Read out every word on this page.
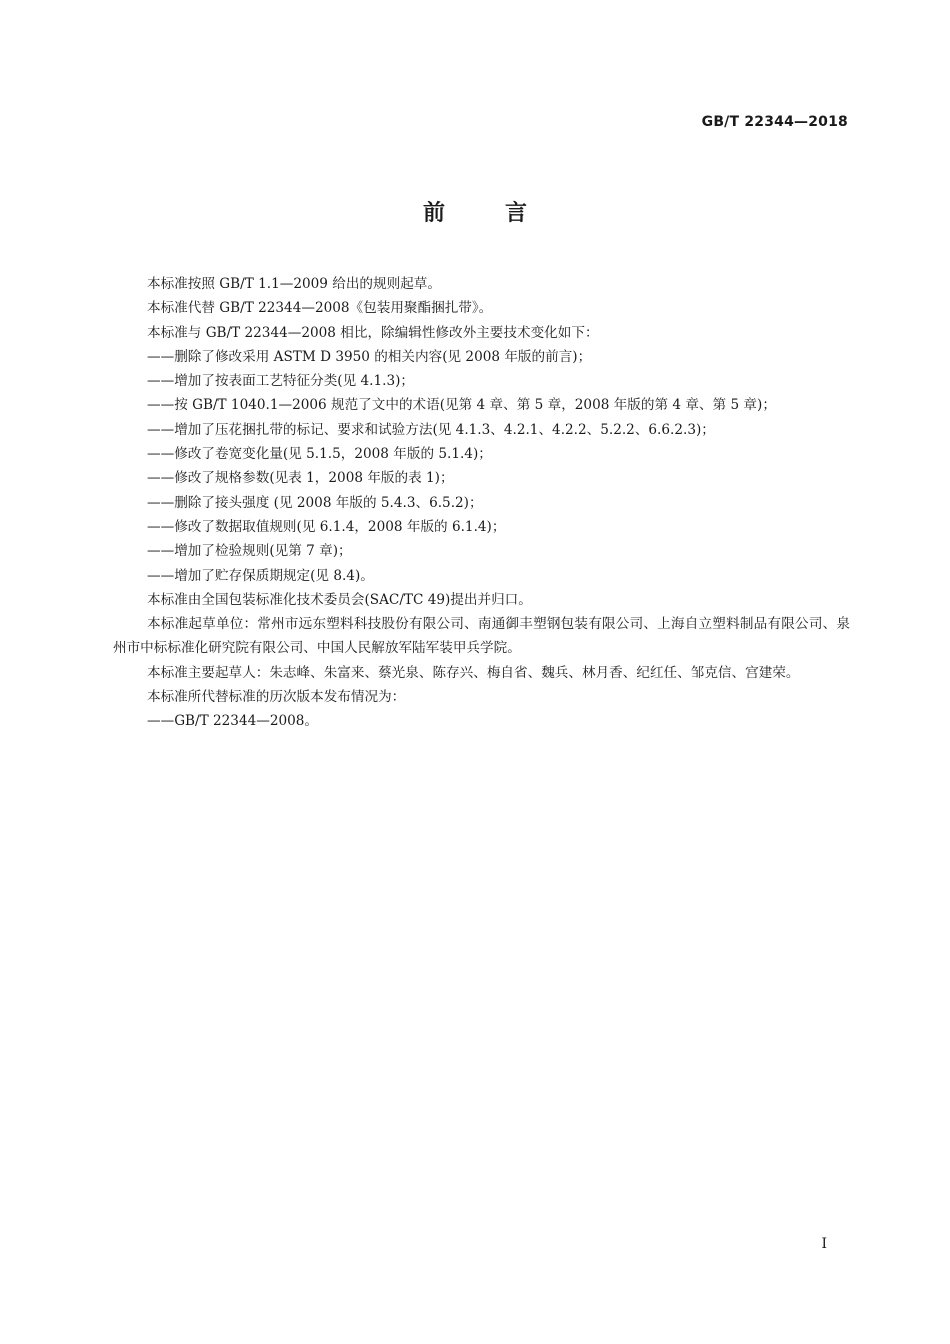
GB/T 22344—2018
前言

本标准按照 GB/T 1.1—2009 给出的规则起草。

本标准代替 GB/T 22344—2008《包装用聚酯捆扎带》。

本标准与 GB/T 22344—2008 相比，除编辑性修改外主要技术变化如下：

——删除了修改采用 ASTM D 3950 的相关内容(见 2008 年版的前言)；

——增加了按表面工艺特征分类(见 4.1.3)；

——按 GB/T 1040.1—2006 规范了文中的术语(见第 4 章、第 5 章，2008 年版的第 4 章、第 5 章)；

——增加了压花捆扎带的标记、要求和试验方法(见 4.1.3、4.2.1、4.2.2、5.2.2、6.6.2.3)；

——修改了卷宽变化量(见 5.1.5，2008 年版的 5.1.4)；

——修改了规格参数(见表 1，2008 年版的表 1)；

——删除了接头强度 (见 2008 年版的 5.4.3、6.5.2)；

——修改了数据取值规则(见 6.1.4，2008 年版的 6.1.4)；

——增加了检验规则(见第 7 章)；

——增加了贮存保质期规定(见 8.4)。

本标准由全国包装标准化技术委员会(SAC/TC 49)提出并归口。

本标准起草单位：常州市远东塑料科技股份有限公司、南通御丰塑钢包装有限公司、上海自立塑料制品有限公司、泉州市中标标准化研究院有限公司、中国人民解放军陆军装甲兵学院。

本标准主要起草人：朱志峰、朱富来、蔡光泉、陈存兴、梅自省、魏兵、林月香、纪红任、邹克信、宫建荣。

本标准所代替标准的历次版本发布情况为：

——GB/T 22344—2008。

I
